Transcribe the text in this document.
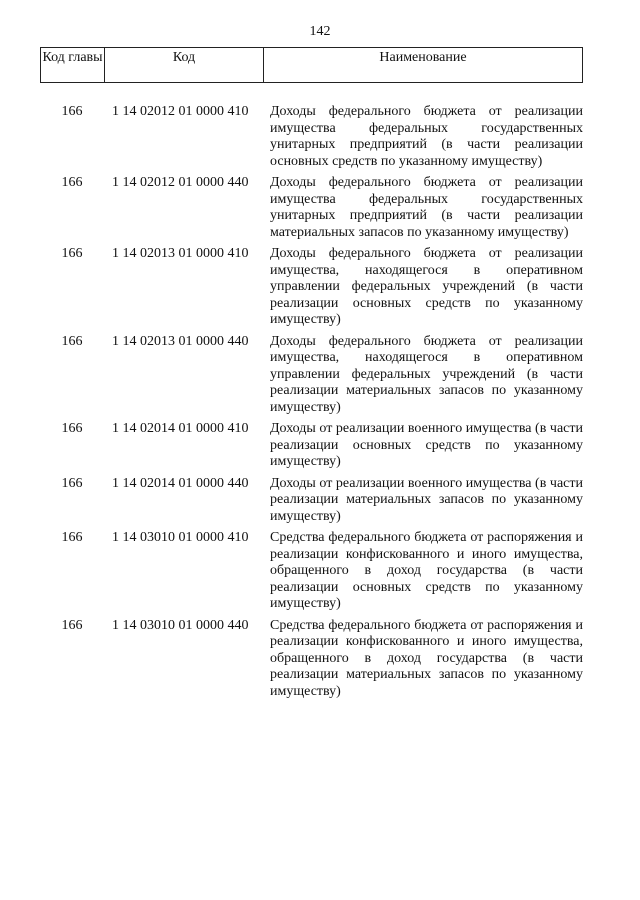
142
Код главы	Код	Наименование
166	1 14 02012 01 0000 410	Доходы федерального бюджета от реализации имущества федеральных государственных унитарных предприятий (в части реализации основных средств по указанному имуществу)
166	1 14 02012 01 0000 440	Доходы федерального бюджета от реализации имущества федеральных государственных унитарных предприятий (в части реализации материальных запасов по указанному имуществу)
166	1 14 02013 01 0000 410	Доходы федерального бюджета от реализации имущества, находящегося в оперативном управлении федеральных учреждений (в части реализации основных средств по указанному имуществу)
166	1 14 02013 01 0000 440	Доходы федерального бюджета от реализации имущества, находящегося в оперативном управлении федеральных учреждений (в части реализации материальных запасов по указанному имуществу)
166	1 14 02014 01 0000 410	Доходы от реализации военного имущества (в части реализации основных средств по указанному имуществу)
166	1 14 02014 01 0000 440	Доходы от реализации военного имущества (в части реализации материальных запасов по указанному имуществу)
166	1 14 03010 01 0000 410	Средства федерального бюджета от распоряжения и реализации конфискованного и иного имущества, обращенного в доход государства (в части реализации основных средств по указанному имуществу)
166	1 14 03010 01 0000 440	Средства федерального бюджета от распоряжения и реализации конфискованного и иного имущества, обращенного в доход государства (в части реализации материальных запасов по указанному имуществу)
